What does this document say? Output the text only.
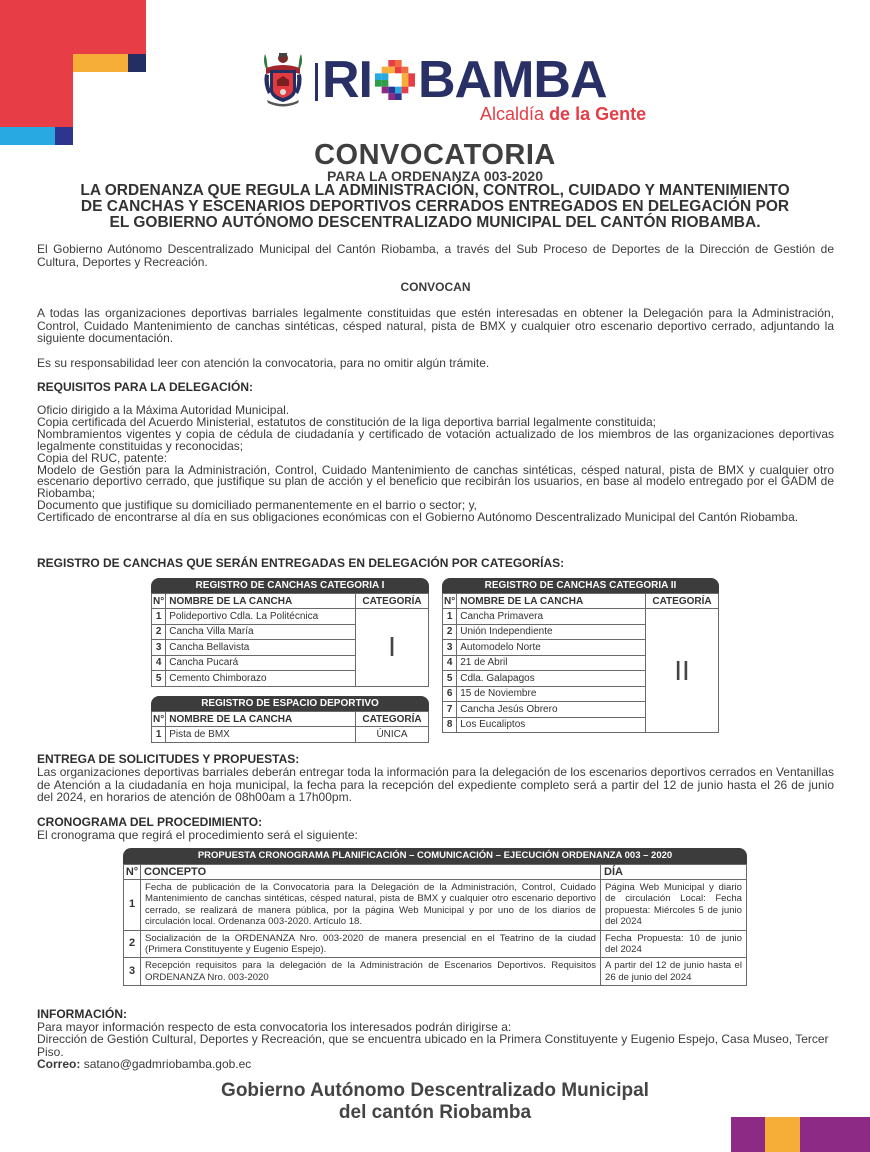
RI BAMBA
Alcaldía de la Gente
CONVOCATORIA
PARA LA ORDENANZA 003-2020
LA ORDENANZA QUE REGULA LA ADMINISTRACIÓN, CONTROL, CUIDADO Y MANTENIMIENTO
DE CANCHAS Y ESCENARIOS DEPORTIVOS CERRADOS ENTREGADOS EN DELEGACIÓN POR
EL GOBIERNO AUTÓNOMO DESCENTRALIZADO MUNICIPAL DEL CANTÓN RIOBAMBA.
El Gobierno Autónomo Descentralizado Municipal del Cantón Riobamba, a través del Sub Proceso de Deportes de la Dirección de Gestión de Cultura, Deportes y Recreación.
CONVOCAN
A todas las organizaciones deportivas barriales legalmente constituidas que estén interesadas en obtener la Delegación para la Administración, Control, Cuidado Mantenimiento de canchas sintéticas, césped natural, pista de BMX y cualquier otro escenario deportivo cerrado, adjuntando la siguiente documentación.
Es su responsabilidad leer con atención la convocatoria, para no omitir algún trámite.
REQUISITOS PARA LA DELEGACIÓN:
Oficio dirigido a la Máxima Autoridad Municipal.
Copia certificada del Acuerdo Ministerial, estatutos de constitución de la liga deportiva barrial legalmente constituida;
Nombramientos vigentes y copia de cédula de ciudadanía y certificado de votación actualizado de los miembros de las organizaciones deportivas legalmente constituidas y reconocidas;
Copia del RUC, patente:
Modelo de Gestión para la Administración, Control, Cuidado Mantenimiento de canchas sintéticas, césped natural, pista de BMX y cualquier otro escenario deportivo cerrado, que justifique su plan de acción y el beneficio que recibirán los usuarios, en base al modelo entregado por el GADM de Riobamba;
Documento que justifique su domiciliado permanentemente en el barrio o sector; y,
Certificado de encontrarse al día en sus obligaciones económicas con el Gobierno Autónomo Descentralizado Municipal del Cantón Riobamba.
REGISTRO DE CANCHAS QUE SERÁN ENTREGADAS EN DELEGACIÓN POR CATEGORÍAS:
REGISTRO DE CANCHAS CATEGORIA I
N°	NOMBRE DE LA CANCHA	CATEGORÍA
1	Polideportivo Cdla. La Politécnica	I
2	Cancha Villa María	
3	Cancha Bellavista	
4	Cancha Pucará	
5	Cemento Chimborazo	
REGISTRO DE ESPACIO DEPORTIVO
N°	NOMBRE DE LA CANCHA	CATEGORÍA
1	Pista de BMX	ÚNICA
REGISTRO DE CANCHAS CATEGORIA II
N°	NOMBRE DE LA CANCHA	CATEGORÍA
1	Cancha Primavera	II
2	Unión Independiente	
3	Automodelo Norte	
4	21 de Abril	
5	Cdla. Galapagos	
6	15 de Noviembre	
7	Cancha Jesús Obrero	
8	Los Eucaliptos	
ENTREGA DE SOLICITUDES Y PROPUESTAS:
Las organizaciones deportivas barriales deberán entregar toda la información para la delegación de los escenarios deportivos cerrados en Ventanillas de Atención a la ciudadanía en hoja municipal, la fecha para la recepción del expediente completo será a partir del 12 de junio hasta el 26 de junio del 2024, en horarios de atención de 08h00am a 17h00pm.
CRONOGRAMA DEL PROCEDIMIENTO:
El cronograma que regirá el procedimiento será el siguiente:
PROPUESTA CRONOGRAMA PLANIFICACIÓN – COMUNICACIÓN – EJECUCIÓN ORDENANZA 003 – 2020
N°	CONCEPTO	DÍA
1	Fecha de publicación de la Convocatoria para la Delegación de la Administración, Control, Cuidado Mantenimiento de canchas sintéticas, césped natural, pista de BMX y cualquier otro escenario deportivo cerrado, se realizará de manera pública, por la página Web Municipal y por uno de los diarios de circulación local. Ordenanza 003-2020. Artículo 18.	Página Web Municipal y diario de circulación Local: Fecha propuesta: Miércoles 5 de junio del 2024
2	Socialización de la ORDENANZA Nro. 003-2020 de manera presencial en el Teatrino de la ciudad (Primera Constituyente y Eugenio Espejo).	Fecha Propuesta: 10 de junio del 2024
3	Recepción requisitos para la delegación de la Administración de Escenarios Deportivos. Requisitos ORDENANZA Nro. 003-2020	A partir del 12 de junio hasta el 26 de junio del 2024
INFORMACIÓN:
Para mayor información respecto de esta convocatoria los interesados podrán dirigirse a:
Dirección de Gestión Cultural, Deportes y Recreación, que se encuentra ubicado en la Primera Constituyente y Eugenio Espejo, Casa Museo, Tercer Piso.
Correo: satano@gadmriobamba.gob.ec
Gobierno Autónomo Descentralizado Municipal
del cantón Riobamba
